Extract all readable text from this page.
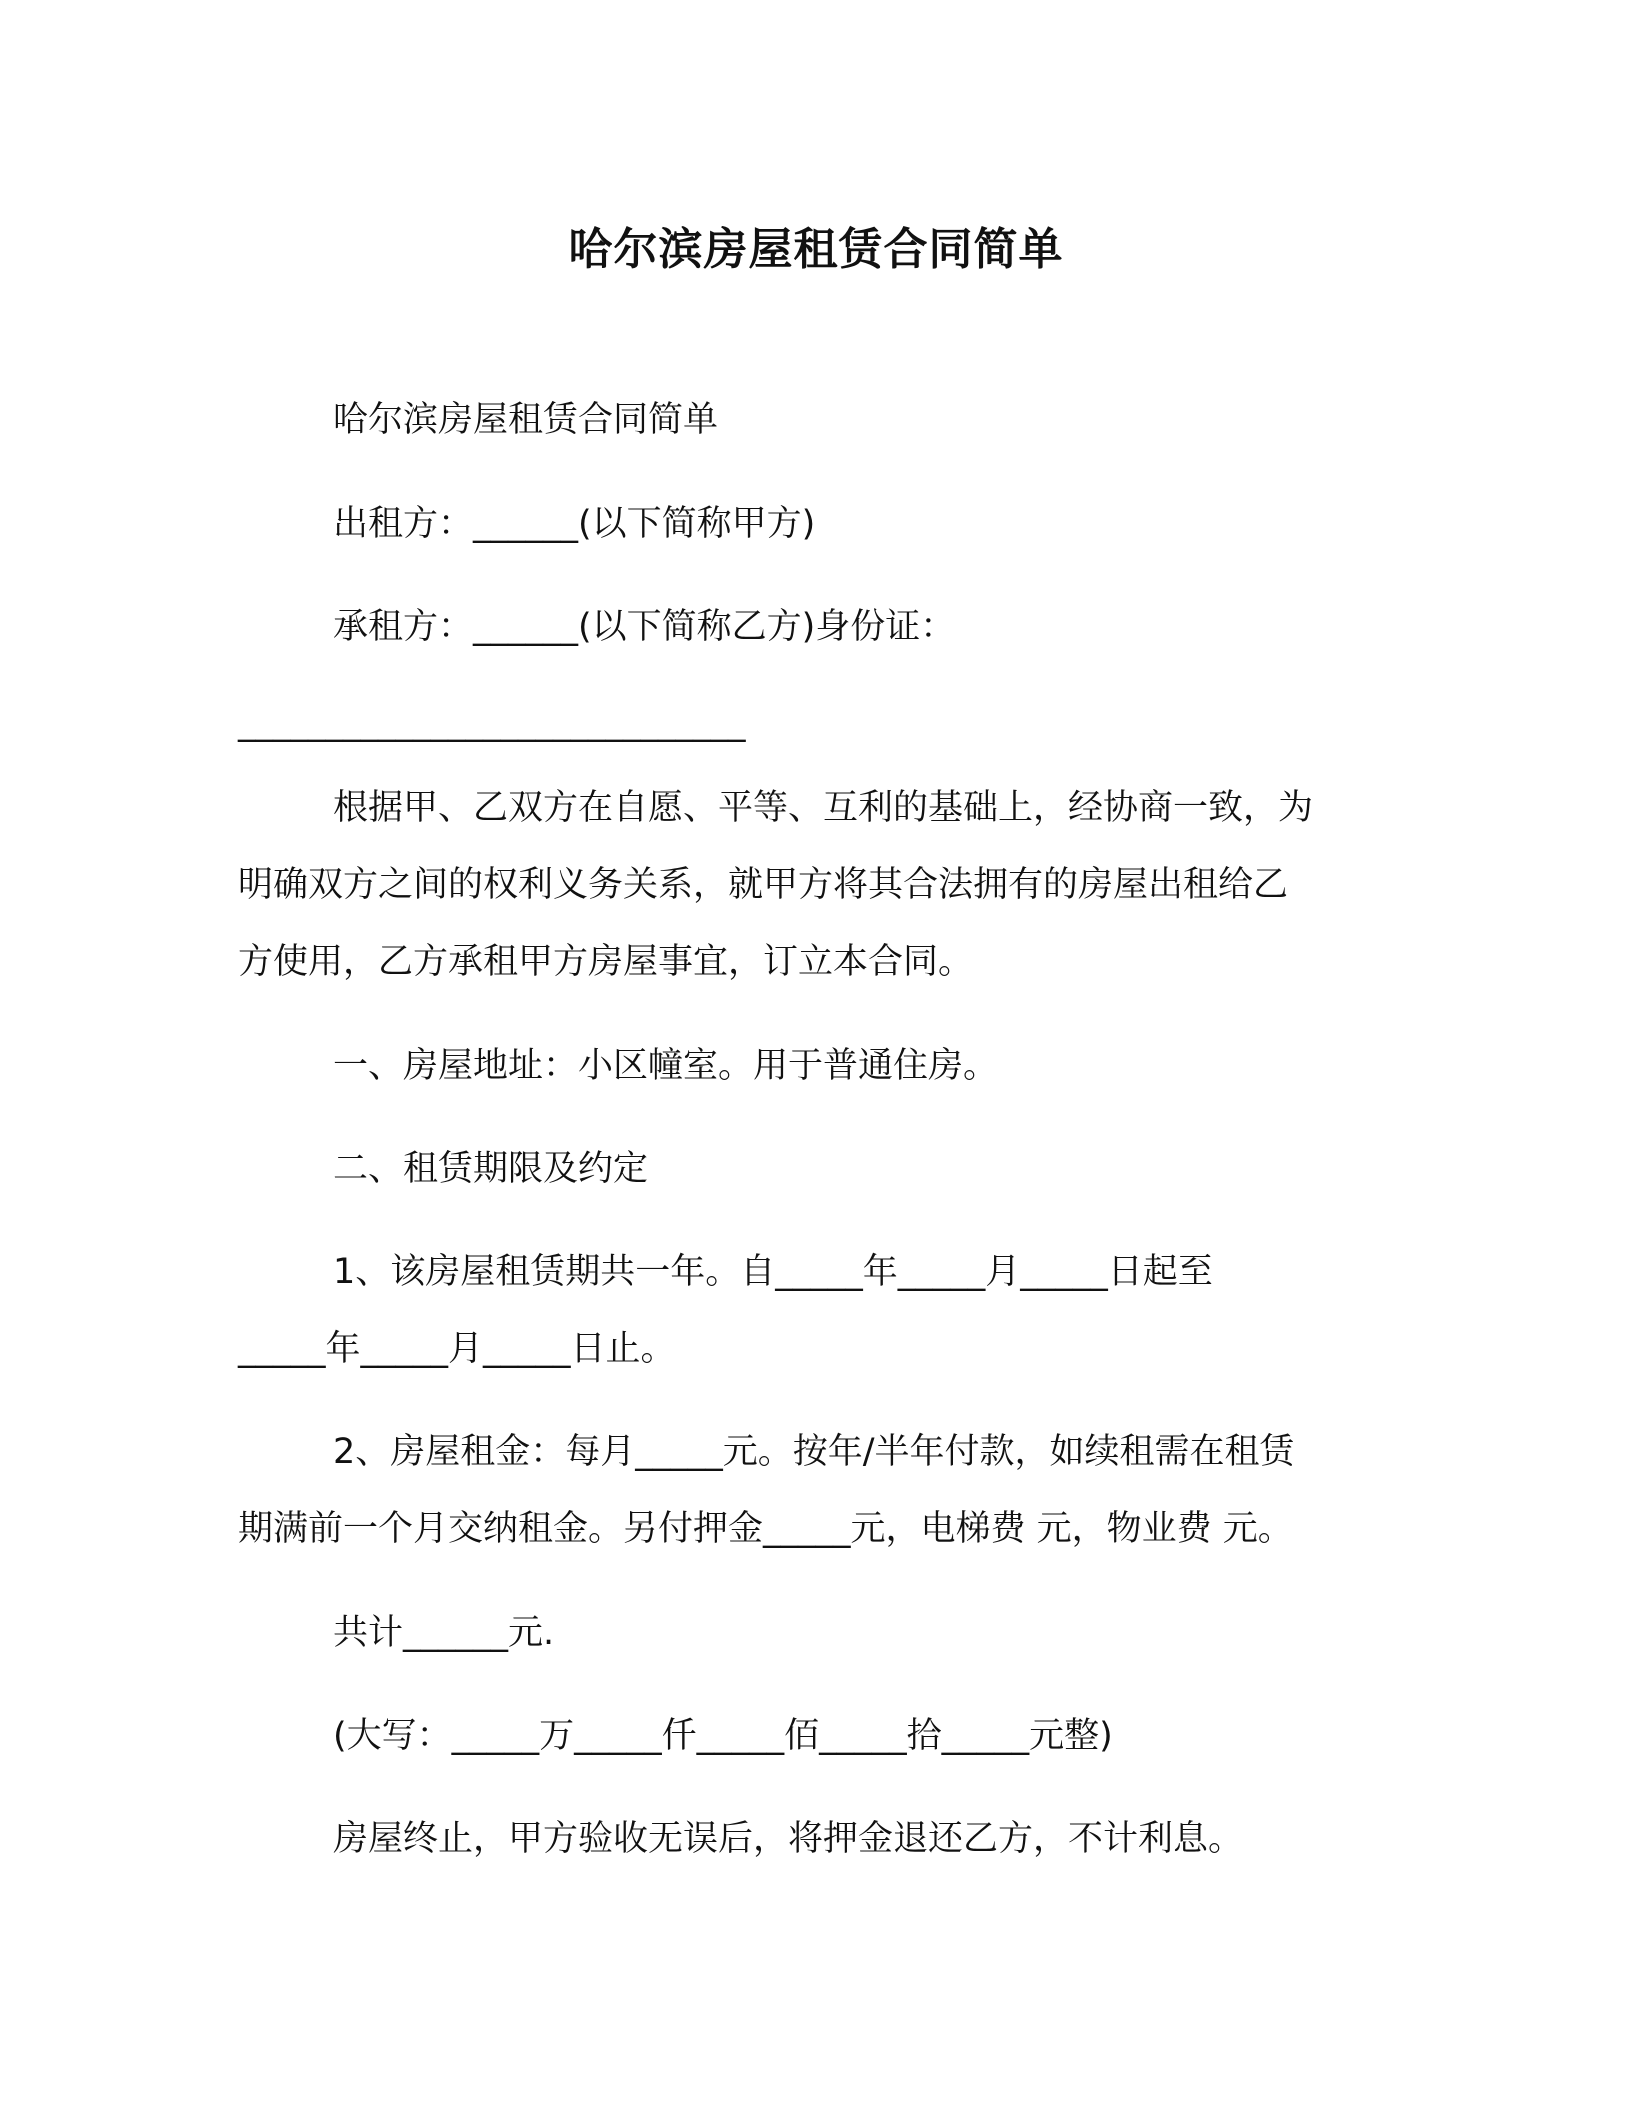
哈尔滨房屋租赁合同简单
哈尔滨房屋租赁合同简单
出租方：______(以下简称甲方)
承租方：______(以下简称乙方)身份证：
_____________________________
根据甲、乙双方在自愿、平等、互利的基础上，经协商一致，为
明确双方之间的权利义务关系，就甲方将其合法拥有的房屋出租给乙
方使用，乙方承租甲方房屋事宜，订立本合同。
一、房屋地址：小区幢室。用于普通住房。
二、租赁期限及约定
1、该房屋租赁期共一年。自_____年_____月_____日起至
_____年_____月_____日止。
2、房屋租金：每月_____元。按年/半年付款，如续租需在租赁
期满前一个月交纳租金。另付押金_____元，电梯费 元，物业费 元。
共计______元.
(大写：_____万_____仟_____佰_____拾_____元整)
房屋终止，甲方验收无误后，将押金退还乙方，不计利息。
